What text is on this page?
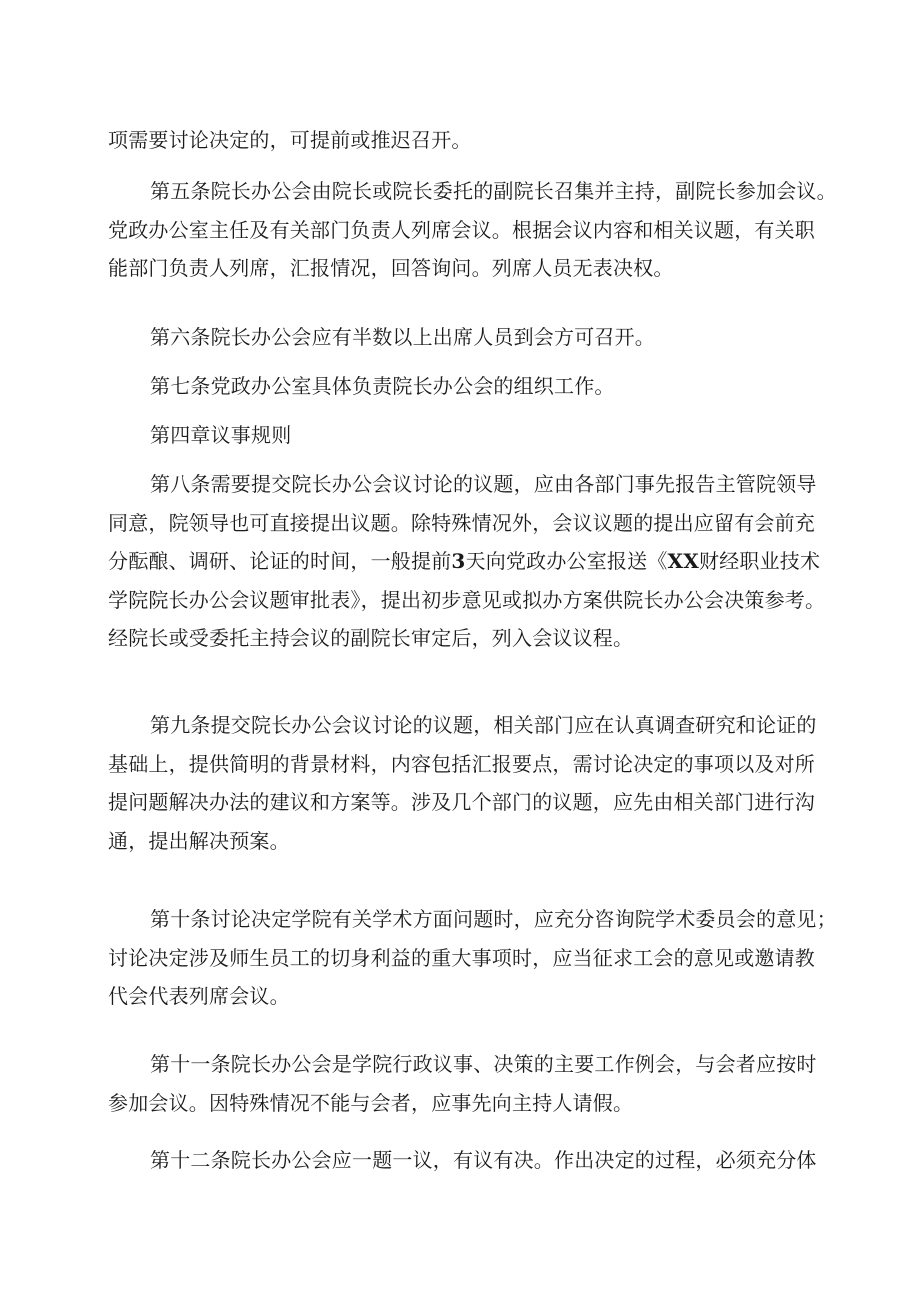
项需要讨论决定的，可提前或推迟召开。

第五条院长办公会由院长或院长委托的副院长召集并主持，副院长参加会议。
党政办公室主任及有关部门负责人列席会议。根据会议内容和相关议题，有关职
能部门负责人列席，汇报情况，回答询问。列席人员无表决权。

第六条院长办公会应有半数以上出席人员到会方可召开。

第七条党政办公室具体负责院长办公会的组织工作。

第四章议事规则

第八条需要提交院长办公会议讨论的议题，应由各部门事先报告主管院领导
同意，院领导也可直接提出议题。除特殊情况外，会议议题的提出应留有会前充
分酝酿、调研、论证的时间，一般提前3天向党政办公室报送《XX财经职业技术
学院院长办公会议题审批表》，提出初步意见或拟办方案供院长办公会决策参考。
经院长或受委托主持会议的副院长审定后，列入会议议程。

第九条提交院长办公会议讨论的议题，相关部门应在认真调查研究和论证的
基础上，提供简明的背景材料，内容包括汇报要点，需讨论决定的事项以及对所
提问题解决办法的建议和方案等。涉及几个部门的议题，应先由相关部门进行沟
通，提出解决预案。

第十条讨论决定学院有关学术方面问题时，应充分咨询院学术委员会的意见；
讨论决定涉及师生员工的切身利益的重大事项时，应当征求工会的意见或邀请教
代会代表列席会议。

第十一条院长办公会是学院行政议事、决策的主要工作例会，与会者应按时
参加会议。因特殊情况不能与会者，应事先向主持人请假。

第十二条院长办公会应一题一议，有议有决。作出决定的过程，必须充分体
